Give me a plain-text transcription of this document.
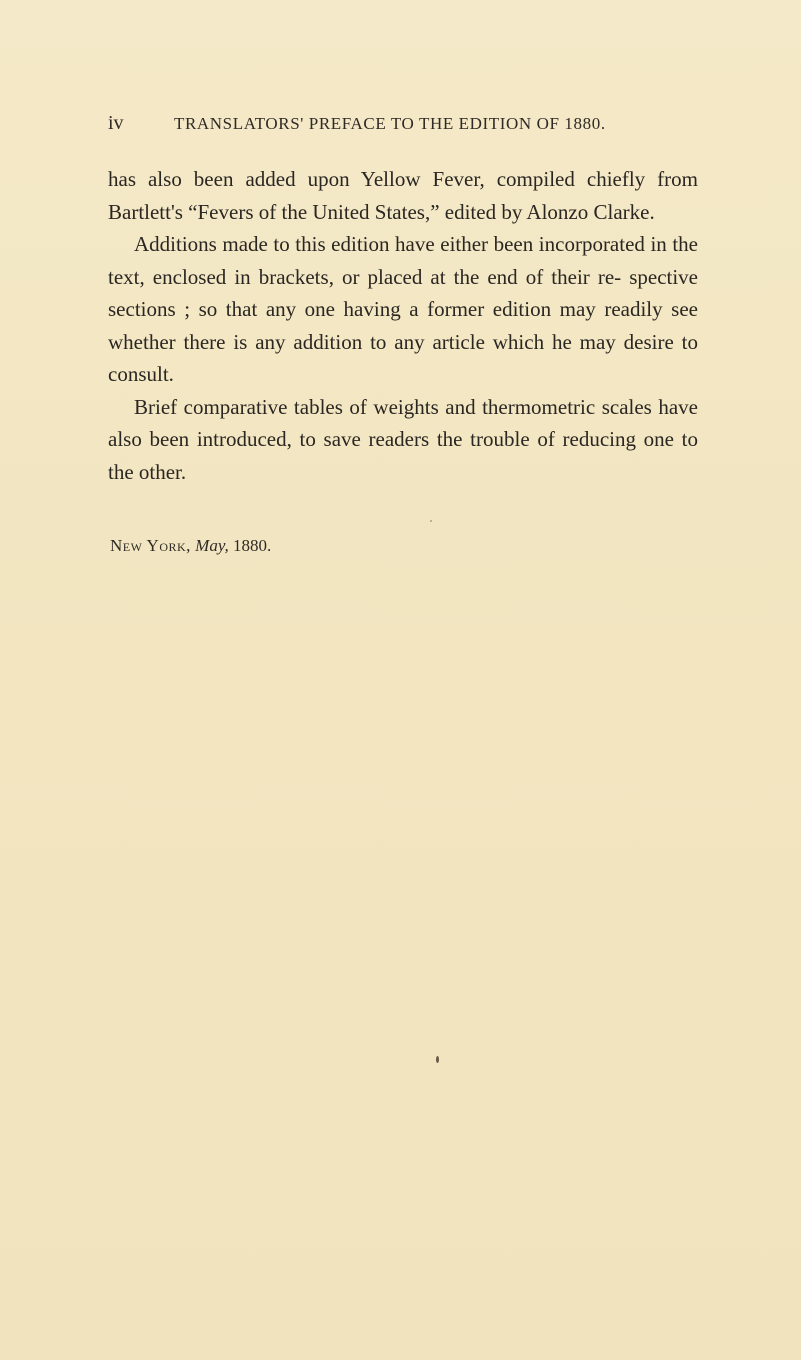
iv	TRANSLATORS' PREFACE TO THE EDITION OF 1880.

has also been added upon Yellow Fever, compiled chiefly from Bartlett's “Fevers of the United States,” edited by Alonzo Clarke.

Additions made to this edition have either been incorporated in the text, enclosed in brackets, or placed at the end of their re- spective sections ; so that any one having a former edition may readily see whether there is any addition to any article which he may desire to consult.

Brief comparative tables of weights and thermometric scales have also been introduced, to save readers the trouble of reducing one to the other.

New York, May, 1880.
